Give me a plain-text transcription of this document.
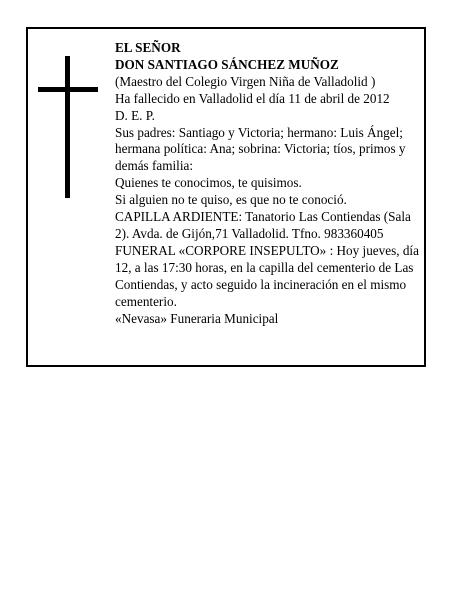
EL SEÑOR
DON SANTIAGO SÁNCHEZ MUÑOZ
(Maestro del Colegio Virgen Niña de Valladolid )
Ha fallecido en Valladolid el día 11 de abril de 2012
D. E. P.
Sus padres: Santiago y Victoria; hermano: Luis Ángel; hermana política: Ana; sobrina: Victoria; tíos, primos y demás familia:
Quienes te conocimos, te quisimos.
Si alguien no te quiso, es que no te conoció.
CAPILLA ARDIENTE: Tanatorio Las Contiendas (Sala 2). Avda. de Gijón,71 Valladolid. Tfno. 983360405
FUNERAL «CORPORE INSEPULTO» : Hoy jueves, día 12, a las 17:30 horas, en la capilla del cementerio de Las Contiendas, y acto seguido la incineración en el mismo cementerio.
«Nevasa» Funeraria Municipal
